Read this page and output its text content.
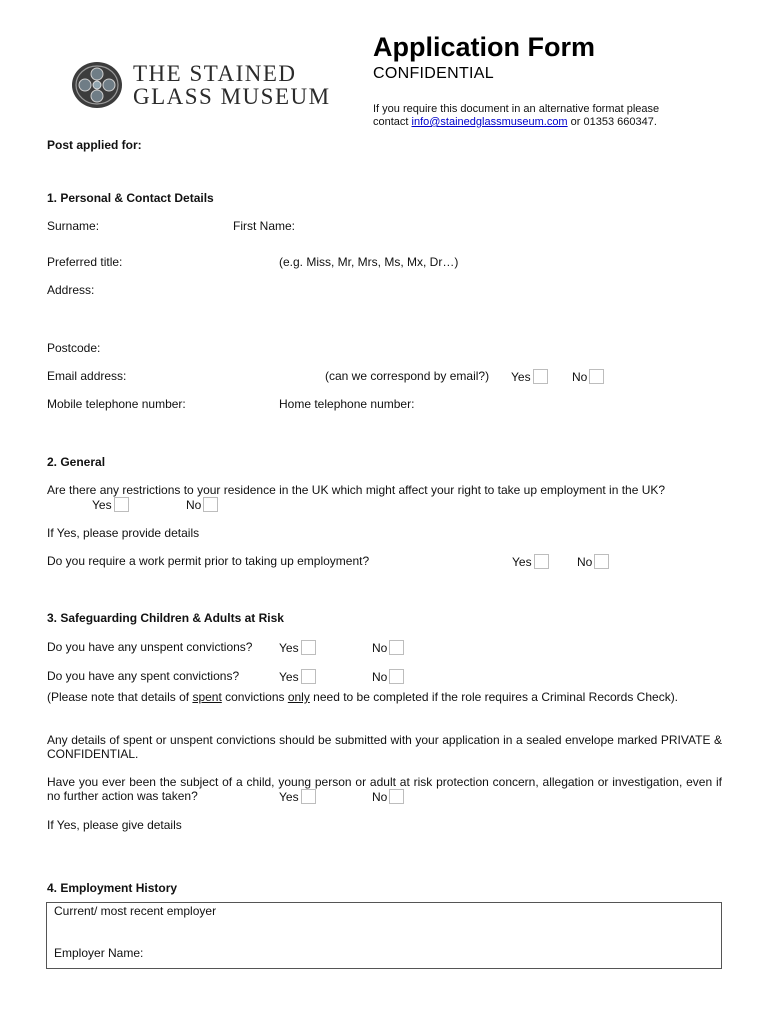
THE STAINED
GLASS MUSEUM
Application Form
CONFIDENTIAL
If you require this document in an alternative format please
contact info@stainedglassmuseum.com or 01353 660347.
Post applied for:
1. Personal & Contact Details
Surname:	First Name:
Preferred title:	(e.g. Miss, Mr, Mrs, Ms, Mx, Dr…)
Address:
Postcode:
Email address:	(can we correspond by email?) Yes	No
Mobile telephone number:	Home telephone number:
2. General
Are there any restrictions to your residence in the UK which might affect your right to take up employment in the UK?
Yes	No
If Yes, please provide details
Do you require a work permit prior to taking up employment?	Yes	No
3. Safeguarding Children & Adults at Risk
Do you have any unspent convictions? Yes	No
Do you have any spent convictions?	Yes	No
(Please note that details of spent convictions only need to be completed if the role requires a Criminal Records Check).
Any details of spent or unspent convictions should be submitted with your application in a sealed envelope marked PRIVATE & CONFIDENTIAL.
Have you ever been the subject of a child, young person or adult at risk protection concern, allegation or investigation, even if no further action was taken?	Yes	No
If Yes, please give details
4. Employment History
Current/ most recent employer
Employer Name:
